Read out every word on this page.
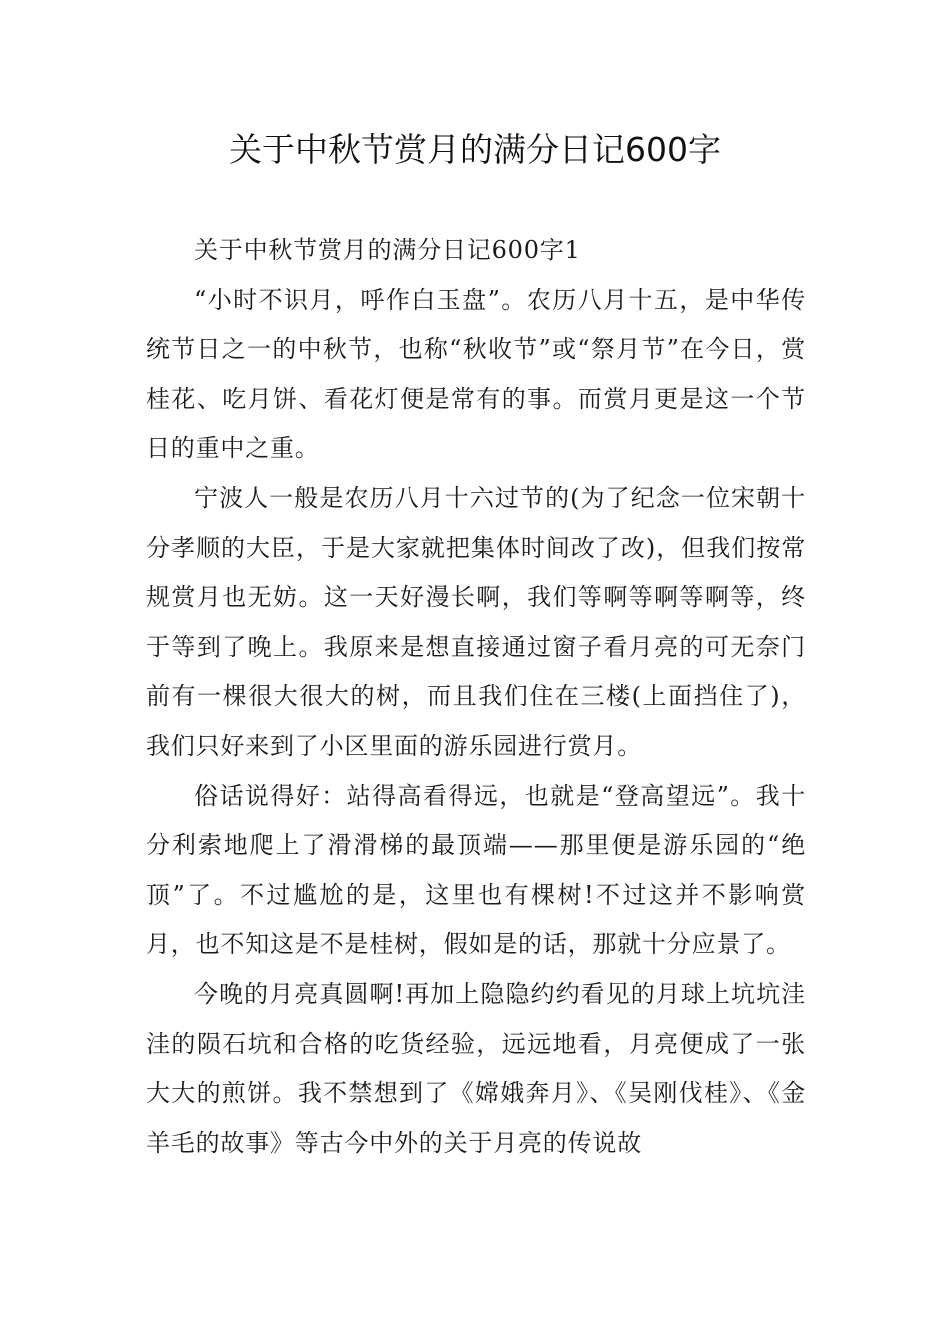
关于中秋节赏月的满分日记600字

关于中秋节赏月的满分日记600字1

“小时不识月，呼作白玉盘”。农历八月十五，是中华传统节日之一的中秋节，也称“秋收节”或“祭月节”在今日，赏桂花、吃月饼、看花灯便是常有的事。而赏月更是这一个节日的重中之重。

宁波人一般是农历八月十六过节的(为了纪念一位宋朝十分孝顺的大臣，于是大家就把集体时间改了改)，但我们按常规赏月也无妨。这一天好漫长啊，我们等啊等啊等啊等，终于等到了晚上。我原来是想直接通过窗子看月亮的可无奈门前有一棵很大很大的树，而且我们住在三楼(上面挡住了)，我们只好来到了小区里面的游乐园进行赏月。

俗话说得好：站得高看得远，也就是“登高望远”。我十分利索地爬上了滑滑梯的最顶端——那里便是游乐园的“绝顶”了。不过尴尬的是，这里也有棵树!不过这并不影响赏月，也不知这是不是桂树，假如是的话，那就十分应景了。

今晚的月亮真圆啊!再加上隐隐约约看见的月球上坑坑洼洼的陨石坑和合格的吃货经验，远远地看，月亮便成了一张大大的煎饼。我不禁想到了《嫦娥奔月》、《吴刚伐桂》、《金羊毛的故事》等古今中外的关于月亮的传说故
